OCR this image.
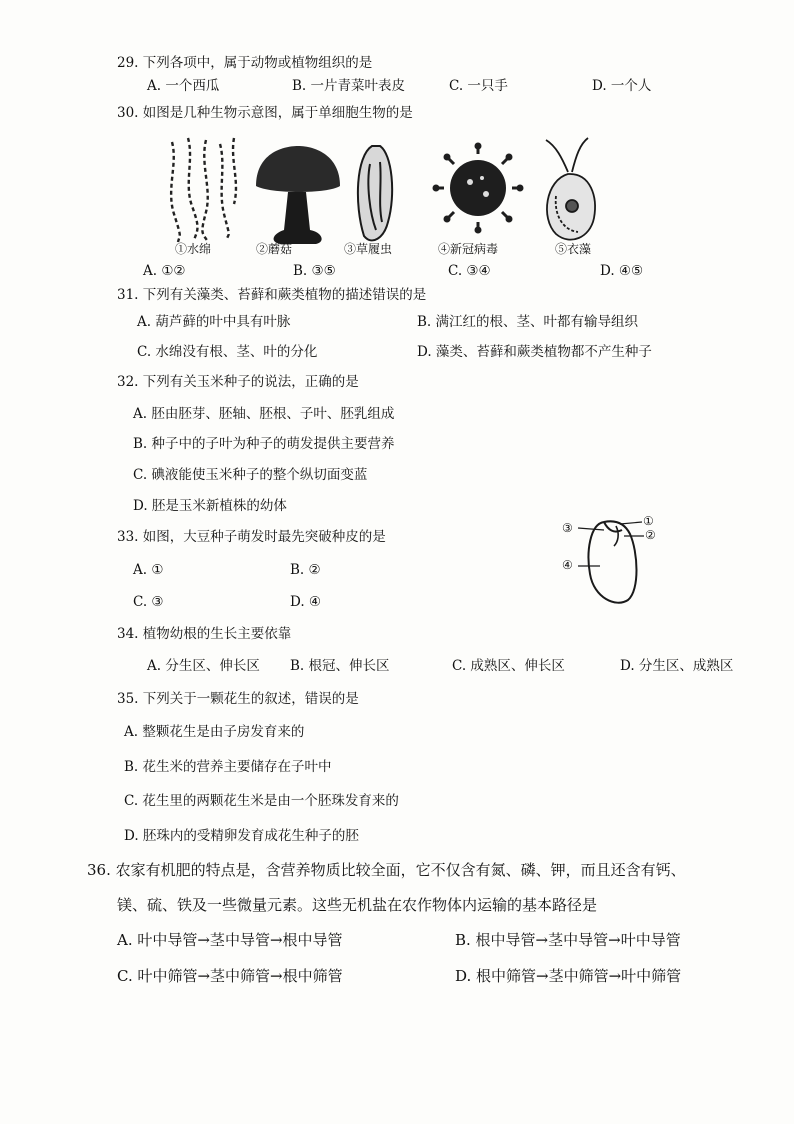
29. 下列各项中，属于动物或植物组织的是
A. 一个西瓜	B. 一片青菜叶表皮	C. 一只手	D. 一个人
30. 如图是几种生物示意图，属于单细胞生物的是
①水绵	②蘑菇	③草履虫	④新冠病毒	⑤衣藻
A. ①②	B. ③⑤	C. ③④	D. ④⑤
31. 下列有关藻类、苔藓和蕨类植物的描述错误的是
A. 葫芦藓的叶中具有叶脉	B. 满江红的根、茎、叶都有输导组织
C. 水绵没有根、茎、叶的分化	D. 藻类、苔藓和蕨类植物都不产生种子
32. 下列有关玉米种子的说法，正确的是
A. 胚由胚芽、胚轴、胚根、子叶、胚乳组成
B. 种子中的子叶为种子的萌发提供主要营养
C. 碘液能使玉米种子的整个纵切面变蓝
D. 胚是玉米新植株的幼体
33. 如图，大豆种子萌发时最先突破种皮的是
A. ①	B. ②
C. ③	D. ④
③	①
②
④
34. 植物幼根的生长主要依靠
A. 分生区、伸长区 B. 根冠、伸长区	C. 成熟区、伸长区	D. 分生区、成熟区
35. 下列关于一颗花生的叙述，错误的是
A. 整颗花生是由子房发育来的
B. 花生米的营养主要储存在子叶中
C. 花生里的两颗花生米是由一个胚珠发育来的
D. 胚珠内的受精卵发育成花生种子的胚
36. 农家有机肥的特点是，含营养物质比较全面，它不仅含有氮、磷、钾，而且还含有钙、
镁、硫、铁及一些微量元素。这些无机盐在农作物体内运输的基本路径是
A. 叶中导管→茎中导管→根中导管	B. 根中导管→茎中导管→叶中导管
C. 叶中筛管→茎中筛管→根中筛管	D. 根中筛管→茎中筛管→叶中筛管
